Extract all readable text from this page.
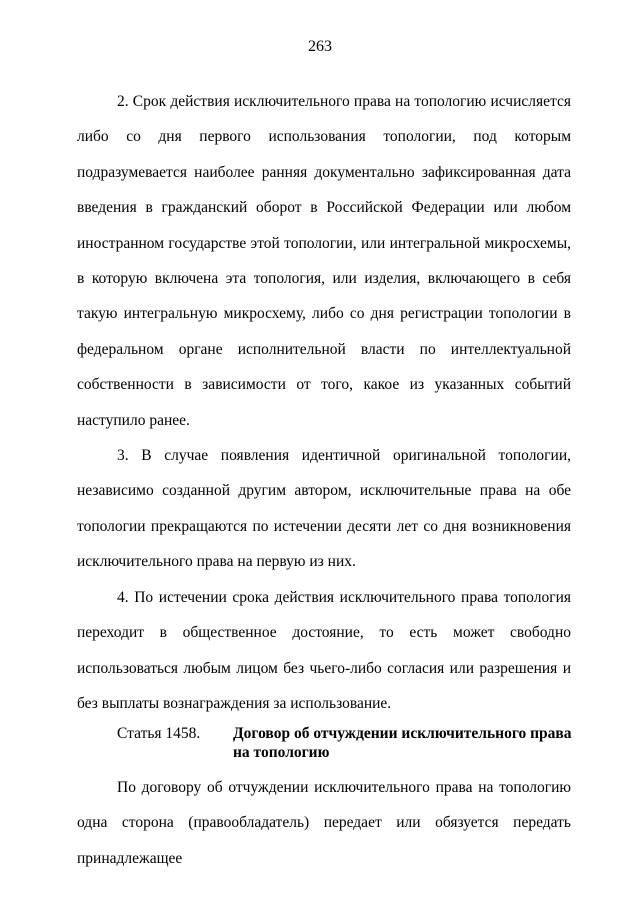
263

2. Срок действия исключительного права на топологию исчисляется либо со дня первого использования топологии, под которым подразумевается наиболее ранняя документально зафиксированная дата введения в гражданский оборот в Российской Федерации или любом иностранном государстве этой топологии, или интегральной микросхемы, в которую включена эта топология, или изделия, включающего в себя такую интегральную микросхему, либо со дня регистрации топологии в федеральном органе исполнительной власти по интеллектуальной собственности в зависимости от того, какое из указанных событий наступило ранее.

3. В случае появления идентичной оригинальной топологии, независимо созданной другим автором, исключительные права на обе топологии прекращаются по истечении десяти лет со дня возникновения исключительного права на первую из них.

4. По истечении срока действия исключительного права топология переходит в общественное достояние, то есть может свободно использоваться любым лицом без чьего-либо согласия или разрешения и без выплаты вознаграждения за использование.

Статья 1458.	Договор об отчуждении исключительного права на топологию

По договору об отчуждении исключительного права на топологию одна сторона (правообладатель) передает или обязуется передать принадлежащее
